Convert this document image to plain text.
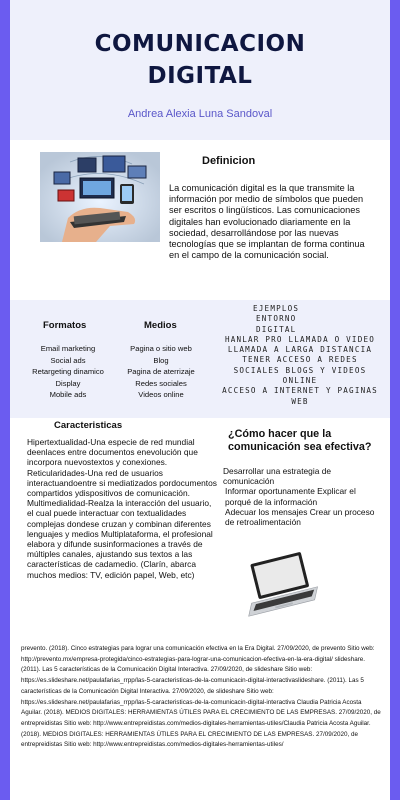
COMUNICACION
DIGITAL
Andrea Alexia Luna Sandoval
Definicion
La comunicación digital es la que transmite la información por medio de símbolos que pueden ser escritos o lingüísticos. Las comunicaciones digitales han evolucionado diariamente en la sociedad, desarrollándose por las nuevas tecnologías que se implantan de forma continua en el campo de la comunicación social.
Formatos
Email marketing
Social ads
Retargeting dinamico
Display
Mobile ads
Medios
Pagina o sitio web
Blog
Pagina de aterrizaje
Redes sociales
Videos online
EJEMPLOS
ENTORNO
DIGITAL
HANLAR PRO LLAMADA O VIDEO
LLAMADA A LARGA DISTANCIA
TENER ACCESO A REDES
SOCIALES BLOGS Y VIDEOS
ONLINE
ACCESO A INTERNET Y PAGINAS
WEB
Caracteristicas
Hipertextualidad-Una especie de red mundial deenlaces entre documentos enevolución que incorpora nuevostextos y conexiones. Reticularidades-Una red de usuarios interactuandoentre si mediatizados pordocumentos compartidos ydispositivos de comunicación. Multimedialidad-Realza la interacción del usuario, el cual puede interactuar con textualidades complejas dondese cruzan y combinan diferentes lenguajes y medios Multiplataforma, el profesional elabora y difunde susinformaciones a través de múltiples canales, ajustando sus textos a las características de cadamedio. (Clarín, abarca muchos medios: TV, edición papel, Web, etc)
¿Cómo hacer que la comunicación sea efectiva?
Desarrollar una estrategia de comunicación
Informar oportunamente Explicar el porqué de la información
Adecuar los mensajes Crear un proceso de retroalimentación
prevento. (2018). Cinco estrategias para lograr una comunicación efectiva en la Era Digital. 27/09/2020, de prevento Sitio web: http://prevento.mx/empresa-protegida/cinco-estrategias-para-lograr-una-comunicacion-efectiva-en-la-era-digital/ slideshare. (2011). Las 5 características de la Comunicación Digital Interactiva. 27/09/2020, de slideshare Sitio web: https://es.slideshare.net/paulafarias_rrpp/las-5-caracteristicas-de-la-comunicacin-digital-interactivaslideshare. (2011). Las 5 características de la Comunicación Digital Interactiva. 27/09/2020, de slideshare Sitio web: https://es.slideshare.net/paulafarias_rrpp/las-5-caracteristicas-de-la-comunicacin-digital-interactiva Claudia Patricia Acosta Aguilar. (2018). MEDIOS DIGITALES: HERRAMIENTAS ÚTILES PARA EL CRECIMIENTO DE LAS EMPRESAS. 27/09/2020, de entrepreidistas Sitio web: http://www.entrepreidistas.com/medios-digitales-herramientas-utiles/Claudia Patricia Acosta Aguilar. (2018). MEDIOS DIGITALES: HERRAMIENTAS ÚTILES PARA EL CRECIMIENTO DE LAS EMPRESAS. 27/09/2020, de entrepreidistas Sitio web: http://www.entrepreidistas.com/medios-digitales-herramientas-utiles/
